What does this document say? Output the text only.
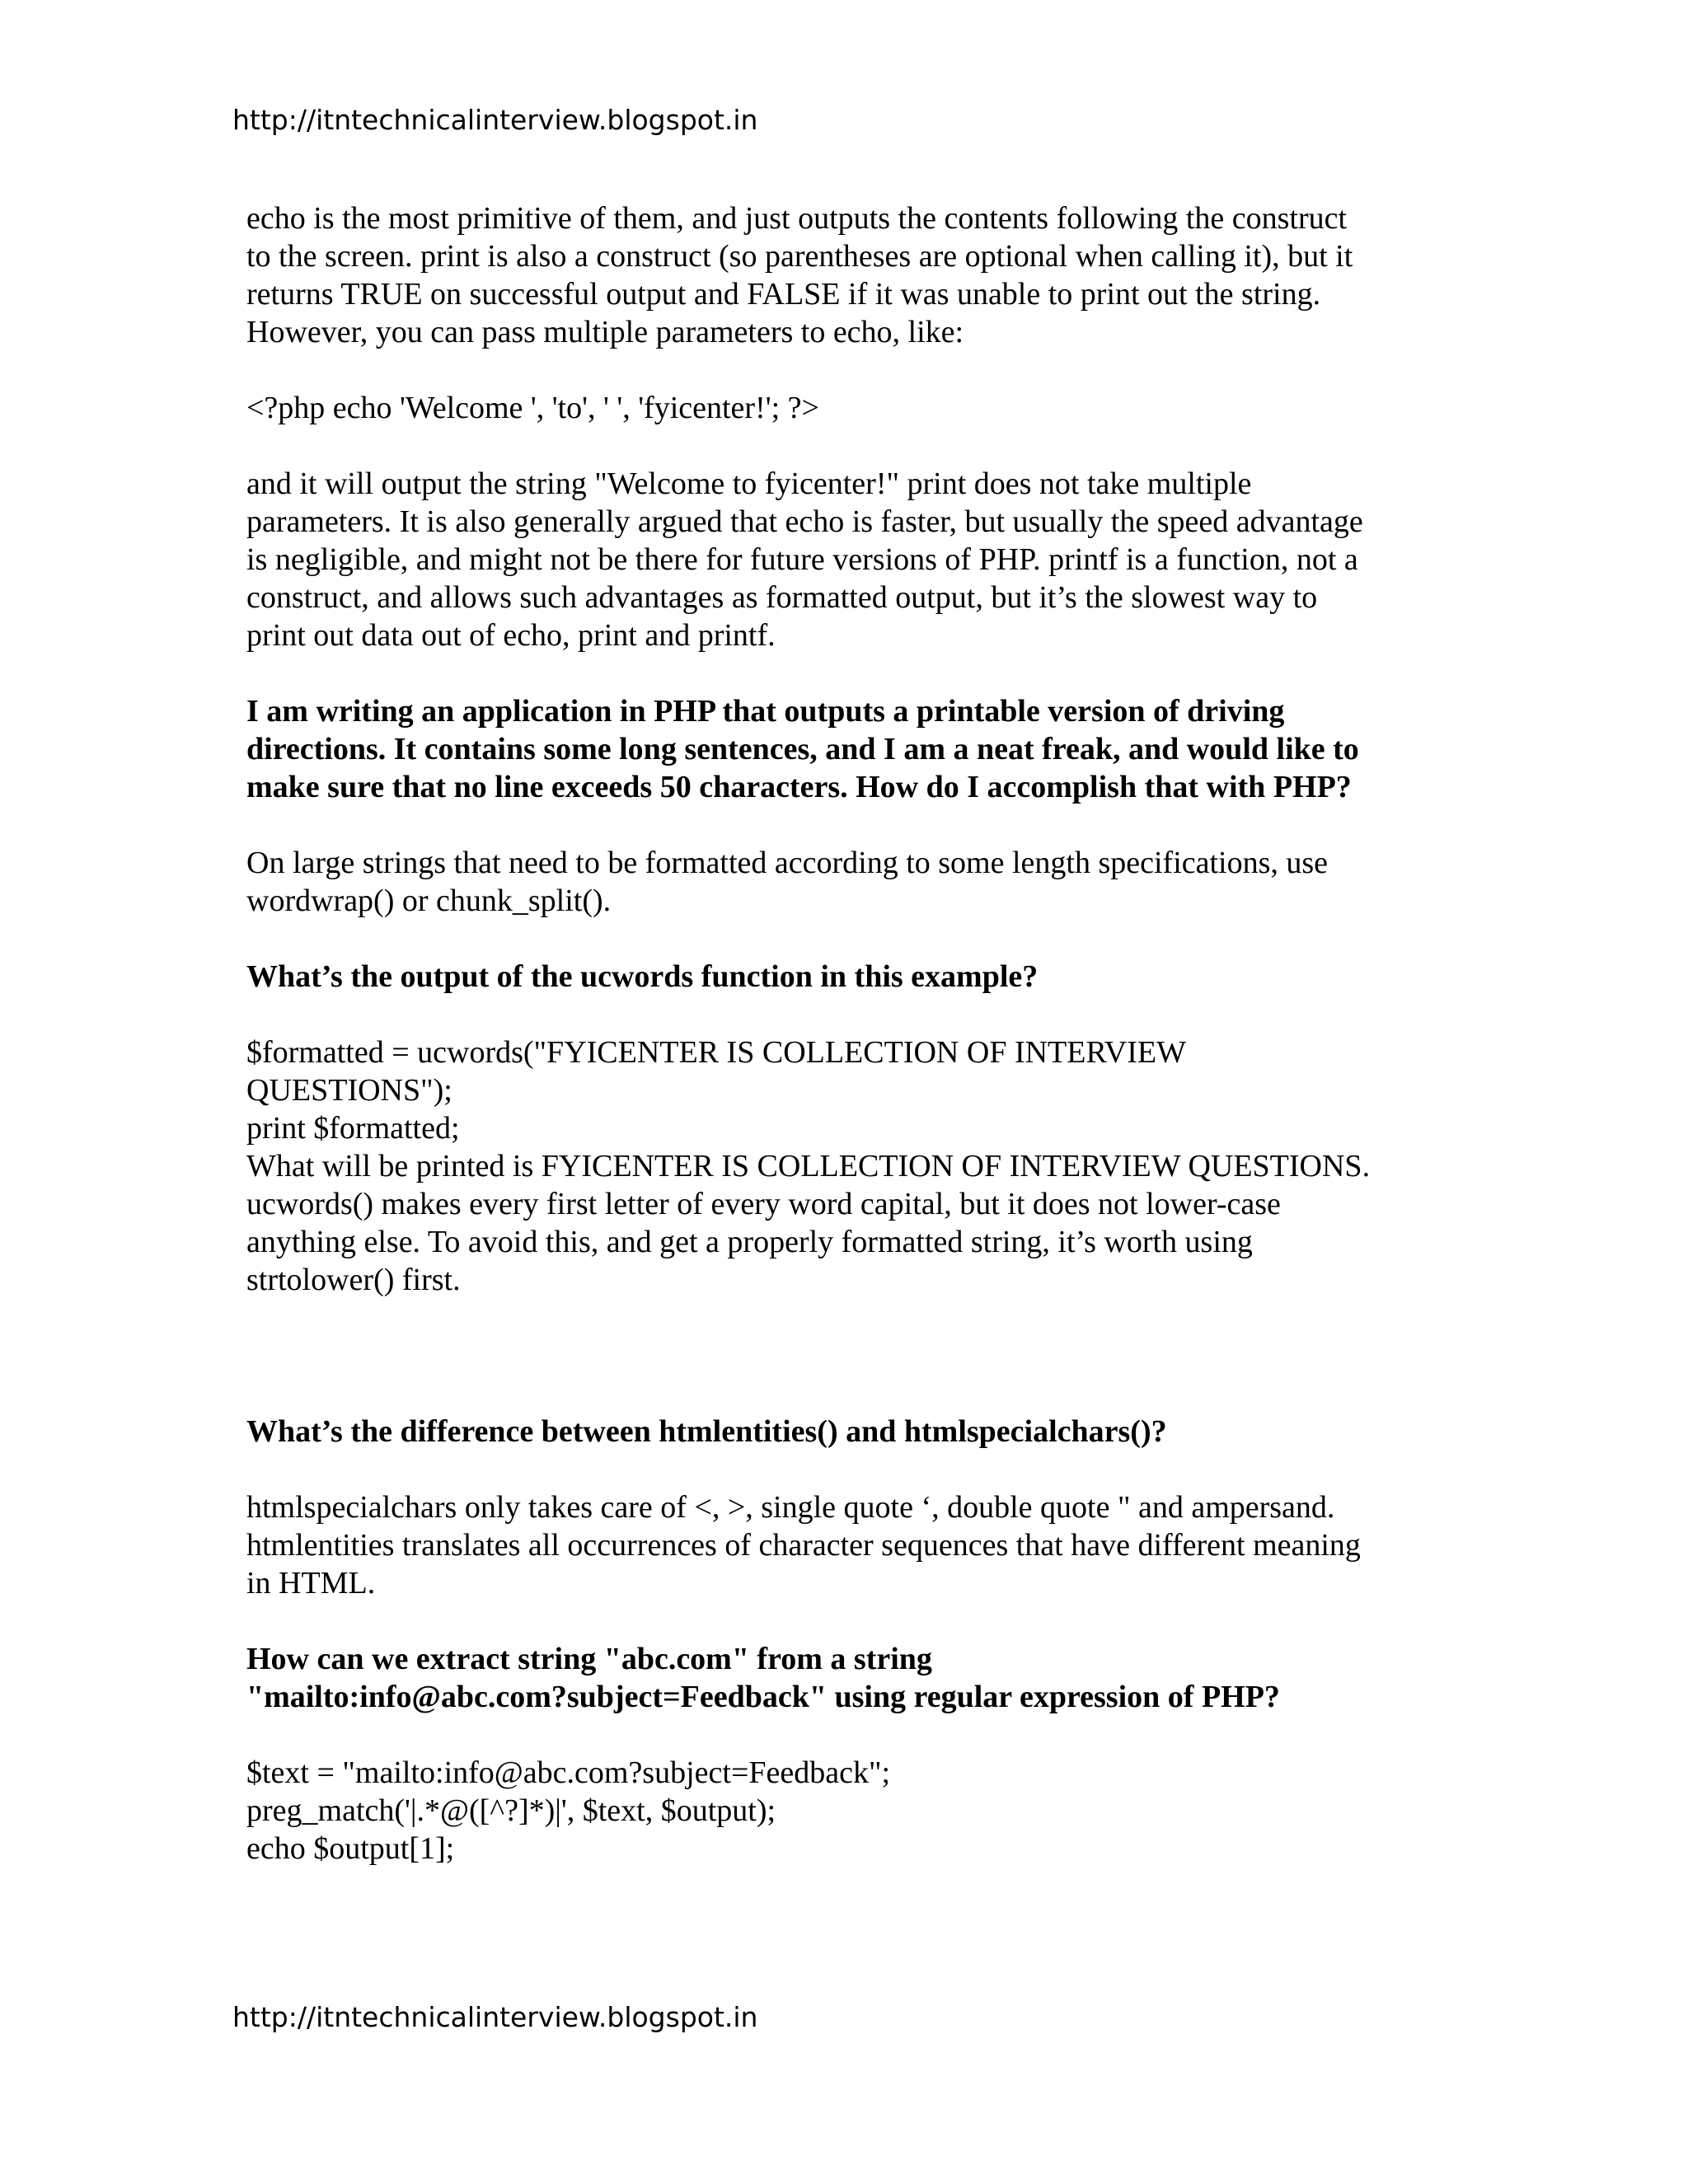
http://itntechnicalinterview.blogspot.in

echo is the most primitive of them, and just outputs the contents following the construct

to the screen. print is also a construct (so parentheses are optional when calling it), but it

returns TRUE on successful output and FALSE if it was unable to print out the string.

However, you can pass multiple parameters to echo, like:

<?php echo 'Welcome ', 'to', ' ', 'fyicenter!'; ?>

and it will output the string "Welcome to fyicenter!" print does not take multiple

parameters. It is also generally argued that echo is faster, but usually the speed advantage

is negligible, and might not be there for future versions of PHP. printf is a function, not a

construct, and allows such advantages as formatted output, but it’s the slowest way to

print out data out of echo, print and printf.

I am writing an application in PHP that outputs a printable version of driving

directions. It contains some long sentences, and I am a neat freak, and would like to

make sure that no line exceeds 50 characters. How do I accomplish that with PHP?

On large strings that need to be formatted according to some length specifications, use

wordwrap() or chunk_split().

What’s the output of the ucwords function in this example?

$formatted = ucwords("FYICENTER IS COLLECTION OF INTERVIEW

QUESTIONS");

print $formatted;

What will be printed is FYICENTER IS COLLECTION OF INTERVIEW QUESTIONS.

ucwords() makes every first letter of every word capital, but it does not lower-case

anything else. To avoid this, and get a properly formatted string, it’s worth using

strtolower() first.

What’s the difference between htmlentities() and htmlspecialchars()?

htmlspecialchars only takes care of <, >, single quote ‘, double quote " and ampersand.

htmlentities translates all occurrences of character sequences that have different meaning

in HTML.

How can we extract string "abc.com" from a string

"mailto:info@abc.com?subject=Feedback" using regular expression of PHP?

$text = "mailto:info@abc.com?subject=Feedback";

preg_match('|.*@([^?]*)|', $text, $output);

echo $output[1];

http://itntechnicalinterview.blogspot.in
